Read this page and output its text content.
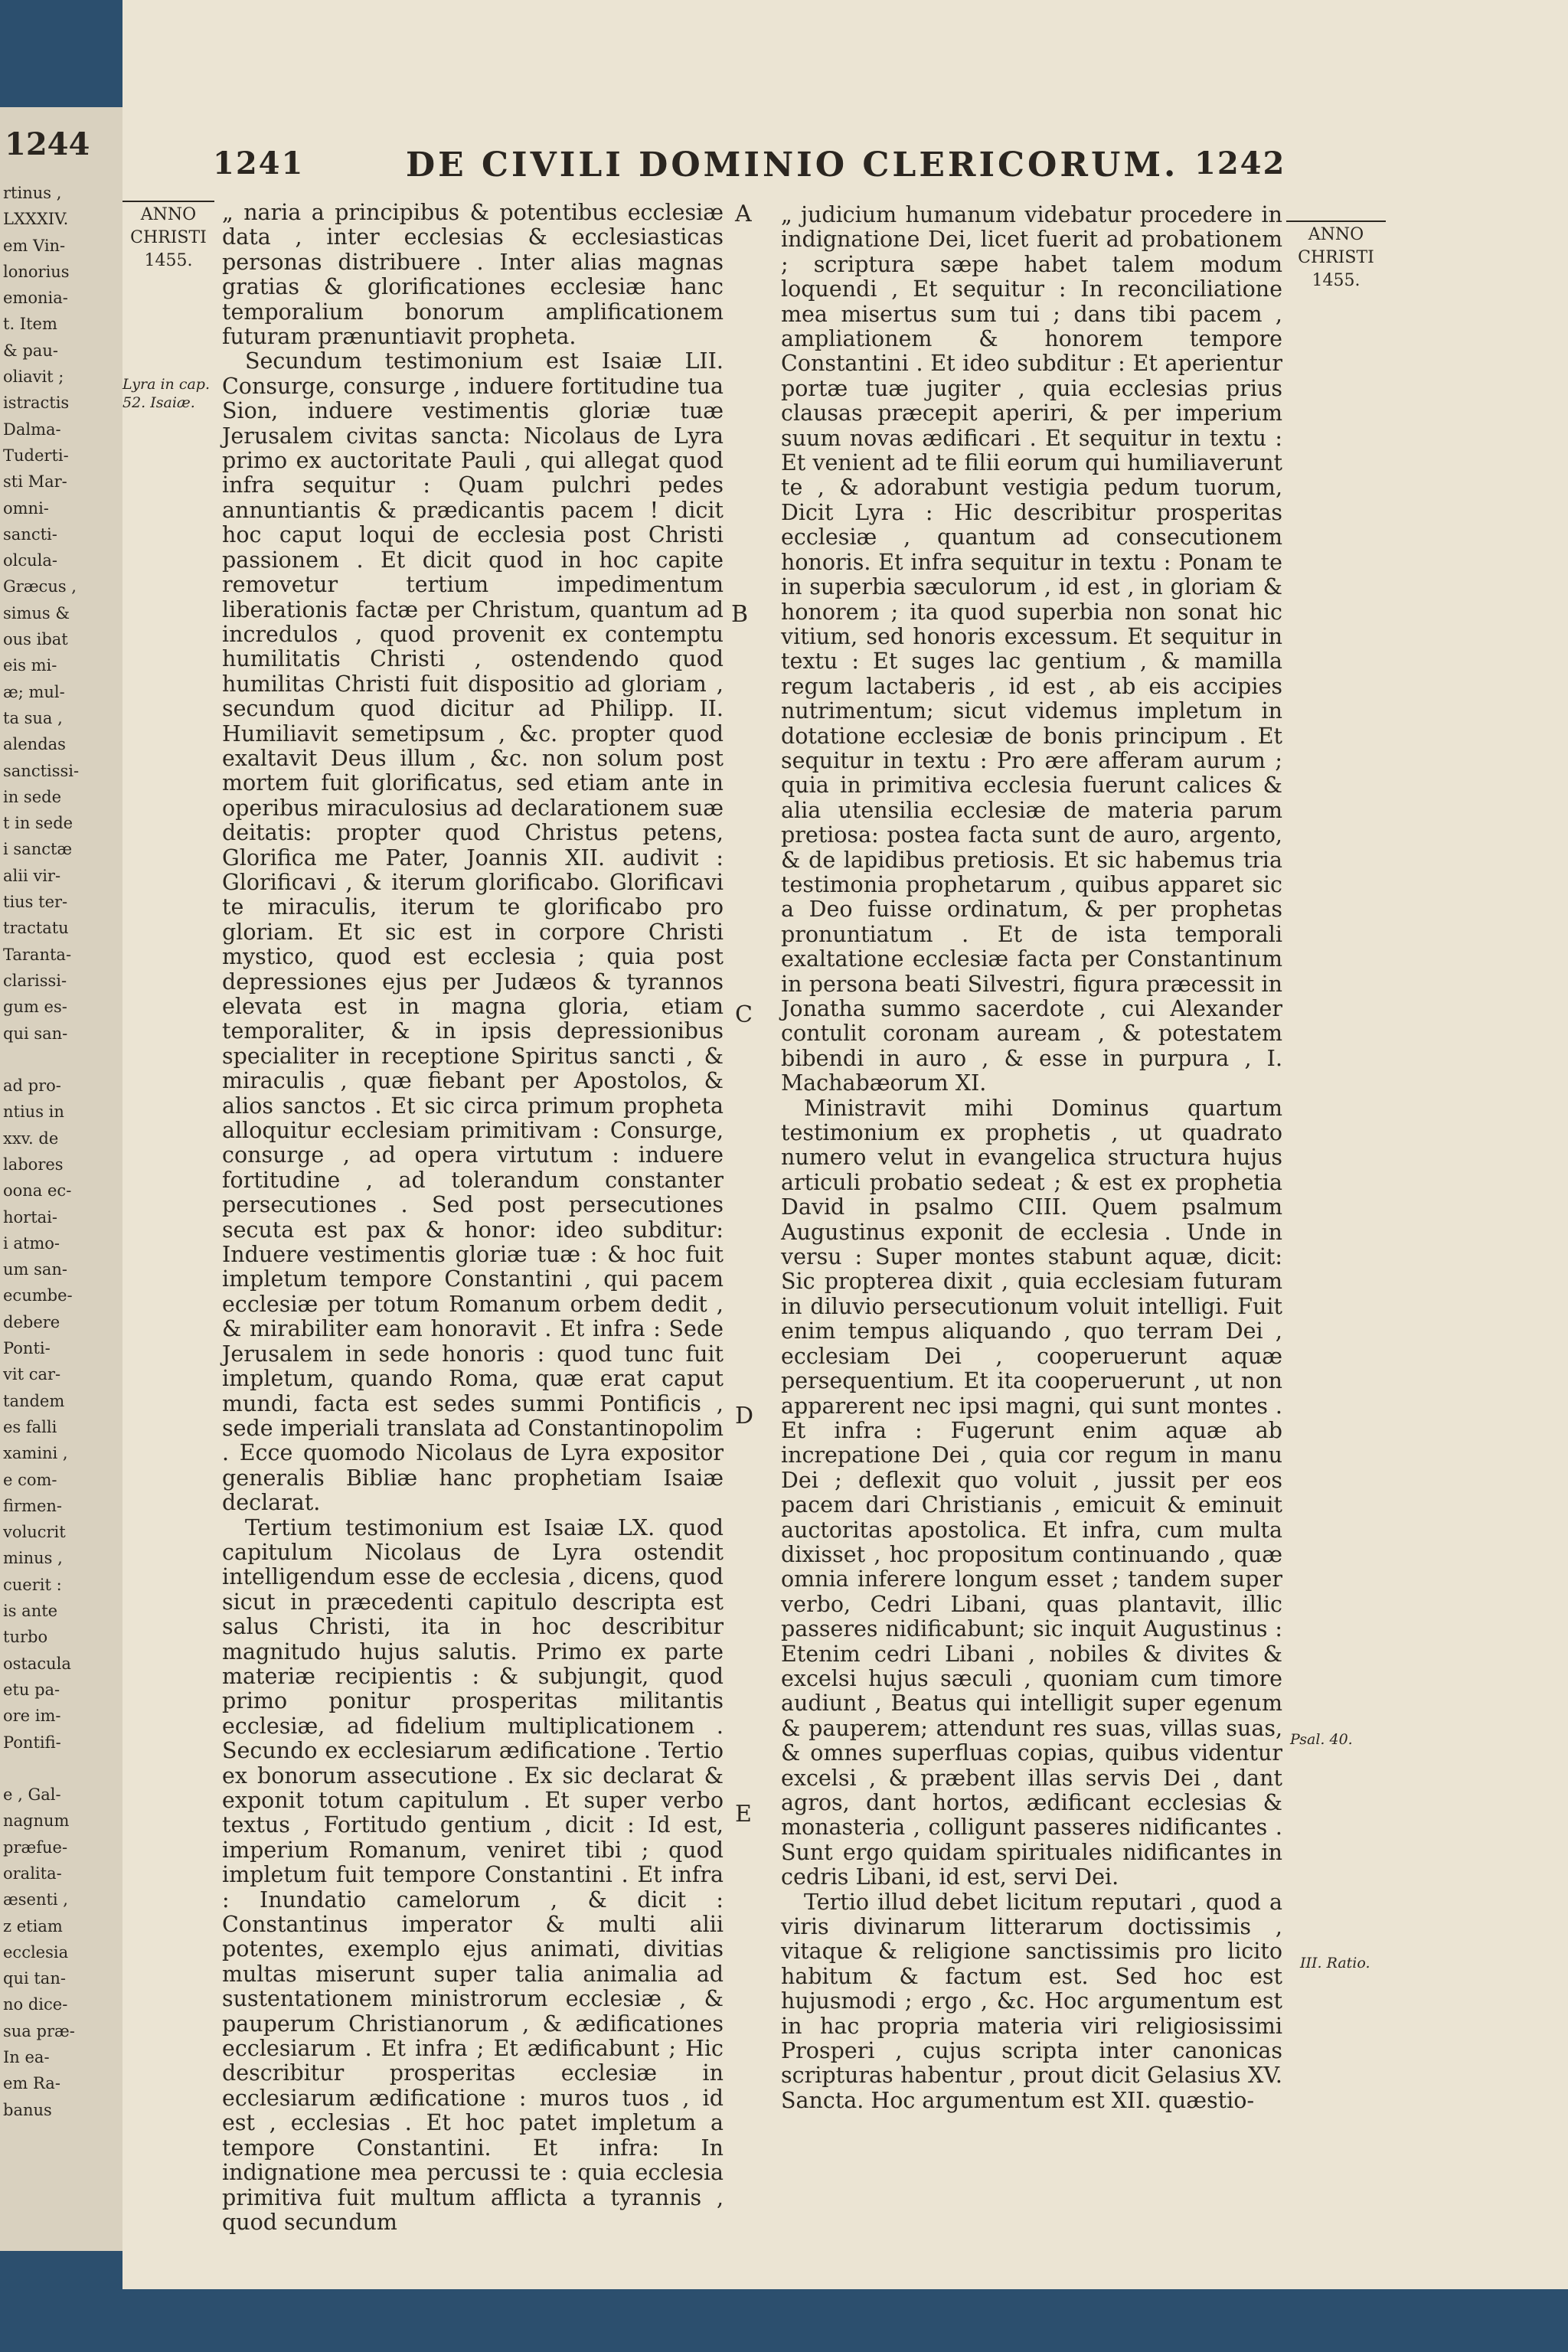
1244
rtinus ,
LXXXIV.
em Vin-
lonorius
emonia-
t. Item
& pau-
oliavit ;
istractis
Dalma-
Tuderti-
sti Mar-
omni-
sancti-
olcula-
Græcus ,
simus &
ous ibat
eis mi-
æ; mul-
ta sua ,
alendas
sanctissi-
in sede
t in sede
i sanctæ
alii vir-
tius ter-
tractatu
Taranta-
clarissi-
gum es-
qui san-

ad pro-
ntius in
xxv. de
labores
oona ec-
hortai-
i atmo-
um san-
ecumbe-
debere
Ponti-
vit car-
tandem
es falli
xamini ,
e com-
firmen-
volucrit
minus ,
cuerit :
is ante
turbo
ostacula
etu pa-
ore im-
Pontifi-

e , Gal-
nagnum
præfue-
oralita-
æsenti ,
z etiam
ecclesia
qui tan-
no dice-
sua præ-
In ea-
em Ra-
banus
1241	DE CIVILI DOMINIO CLERICORUM. 1242
ANNO
CHRISTI
1455.
ANNO
CHRISTI
1455.
Lyra in cap.
52. Isaiæ.
Psal. 40.
III. Ratio.
A
B
C
D
E

„ naria a principibus & potentibus ecclesiæ data , inter ecclesias & ecclesiasticas personas distribuere . Inter alias magnas gratias & glorificationes ecclesiæ hanc temporalium bonorum amplificationem futuram prænuntiavit propheta.

Secundum testimonium est Isaiæ LII. Consurge, consurge , induere fortitudine tua Sion, induere vestimentis gloriæ tuæ Jerusalem civitas sancta: Nicolaus de Lyra primo ex auctoritate Pauli , qui allegat quod infra sequitur : Quam pulchri pedes annuntiantis & prædicantis pacem ! dicit hoc caput loqui de ecclesia post Christi passionem . Et dicit quod in hoc capite removetur tertium impedimentum liberationis factæ per Christum, quantum ad incredulos , quod provenit ex contemptu humilitatis Christi , ostendendo quod humilitas Christi fuit dispositio ad gloriam , secundum quod dicitur ad Philipp. II. Humiliavit semetipsum , &c. propter quod exaltavit Deus illum , &c. non solum post mortem fuit glorificatus, sed etiam ante in operibus miraculosius ad declarationem suæ deitatis: propter quod Christus petens, Glorifica me Pater, Joannis XII. audivit : Glorificavi , & iterum glorificabo. Glorificavi te miraculis, iterum te glorificabo pro gloriam. Et sic est in corpore Christi mystico, quod est ecclesia ; quia post depressiones ejus per Judæos & tyrannos elevata est in magna gloria, etiam temporaliter, & in ipsis depressionibus specialiter in receptione Spiritus sancti , & miraculis , quæ fiebant per Apostolos, & alios sanctos . Et sic circa primum propheta alloquitur ecclesiam primitivam : Consurge, consurge , ad opera virtutum : induere fortitudine , ad tolerandum constanter persecutiones . Sed post persecutiones secuta est pax & honor: ideo subditur: Induere vestimentis gloriæ tuæ : & hoc fuit impletum tempore Constantini , qui pacem ecclesiæ per totum Romanum orbem dedit , & mirabiliter eam honoravit . Et infra : Sede Jerusalem in sede honoris : quod tunc fuit impletum, quando Roma, quæ erat caput mundi, facta est sedes summi Pontificis , sede imperiali translata ad Constantinopolim . Ecce quomodo Nicolaus de Lyra expositor generalis Bibliæ hanc prophetiam Isaiæ declarat.

Tertium testimonium est Isaiæ LX. quod capitulum Nicolaus de Lyra ostendit intelligendum esse de ecclesia , dicens, quod sicut in præcedenti capitulo descripta est salus Christi, ita in hoc describitur magnitudo hujus salutis. Primo ex parte materiæ recipientis : & subjungit, quod primo ponitur prosperitas militantis ecclesiæ, ad fidelium multiplicationem . Secundo ex ecclesiarum ædificatione . Tertio ex bonorum assecutione . Ex sic declarat & exponit totum capitulum . Et super verbo textus , Fortitudo gentium , dicit : Id est, imperium Romanum, veniret tibi ; quod impletum fuit tempore Constantini . Et infra : Inundatio camelorum , & dicit : Constantinus imperator & multi alii potentes, exemplo ejus animati, divitias multas miserunt super talia animalia ad sustentationem ministrorum ecclesiæ , & pauperum Christianorum , & ædificationes ecclesiarum . Et infra ; Et ædificabunt ; Hic describitur prosperitas ecclesiæ in ecclesiarum ædificatione : muros tuos , id est , ecclesias . Et hoc patet impletum a tempore Constantini. Et infra: In indignatione mea percussi te : quia ecclesia primitiva fuit multum afflicta a tyrannis , quod secundum

„ judicium humanum videbatur procedere in indignatione Dei, licet fuerit ad probationem ; scriptura sæpe habet talem modum loquendi , Et sequitur : In reconciliatione mea misertus sum tui ; dans tibi pacem , ampliationem & honorem tempore Constantini . Et ideo subditur : Et aperientur portæ tuæ jugiter , quia ecclesias prius clausas præcepit aperiri, & per imperium suum novas ædificari . Et sequitur in textu : Et venient ad te filii eorum qui humiliaverunt te , & adorabunt vestigia pedum tuorum, Dicit Lyra : Hic describitur prosperitas ecclesiæ , quantum ad consecutionem honoris. Et infra sequitur in textu : Ponam te in superbia sæculorum , id est , in gloriam & honorem ; ita quod superbia non sonat hic vitium, sed honoris excessum. Et sequitur in textu : Et suges lac gentium , & mamilla regum lactaberis , id est , ab eis accipies nutrimentum; sicut videmus impletum in dotatione ecclesiæ de bonis principum . Et sequitur in textu : Pro ære afferam aurum ; quia in primitiva ecclesia fuerunt calices & alia utensilia ecclesiæ de materia parum pretiosa: postea facta sunt de auro, argento, & de lapidibus pretiosis. Et sic habemus tria testimonia prophetarum , quibus apparet sic a Deo fuisse ordinatum, & per prophetas pronuntiatum . Et de ista temporali exaltatione ecclesiæ facta per Constantinum in persona beati Silvestri, figura præcessit in Jonatha summo sacerdote , cui Alexander contulit coronam auream , & potestatem bibendi in auro , & esse in purpura , I. Machabæorum XI.

Ministravit mihi Dominus quartum testimonium ex prophetis , ut quadrato numero velut in evangelica structura hujus articuli probatio sedeat ; & est ex prophetia David in psalmo CIII. Quem psalmum Augustinus exponit de ecclesia . Unde in versu : Super montes stabunt aquæ, dicit: Sic propterea dixit , quia ecclesiam futuram in diluvio persecutionum voluit intelligi. Fuit enim tempus aliquando , quo terram Dei , ecclesiam Dei , cooperuerunt aquæ persequentium. Et ita cooperuerunt , ut non apparerent nec ipsi magni, qui sunt montes . Et infra : Fugerunt enim aquæ ab increpatione Dei , quia cor regum in manu Dei ; deflexit quo voluit , jussit per eos pacem dari Christianis , emicuit & eminuit auctoritas apostolica. Et infra, cum multa dixisset , hoc propositum continuando , quæ omnia inferere longum esset ; tandem super verbo, Cedri Libani, quas plantavit, illic passeres nidificabunt; sic inquit Augustinus : Etenim cedri Libani , nobiles & divites & excelsi hujus sæculi , quoniam cum timore audiunt , Beatus qui intelligit super egenum & pauperem; attendunt res suas, villas suas, & omnes superfluas copias, quibus videntur excelsi , & præbent illas servis Dei , dant agros, dant hortos, ædificant ecclesias & monasteria , colligunt passeres nidificantes . Sunt ergo quidam spirituales nidificantes in cedris Libani, id est, servi Dei.

Tertio illud debet licitum reputari , quod a viris divinarum litterarum doctissimis , vitaque & religione sanctissimis pro licito habitum & factum est. Sed hoc est hujusmodi ; ergo , &c. Hoc argumentum est in hac propria materia viri religiosissimi Prosperi , cujus scripta inter canonicas scripturas habentur , prout dicit Gelasius XV. Sancta. Hoc argumentum est XII. quæstio-
